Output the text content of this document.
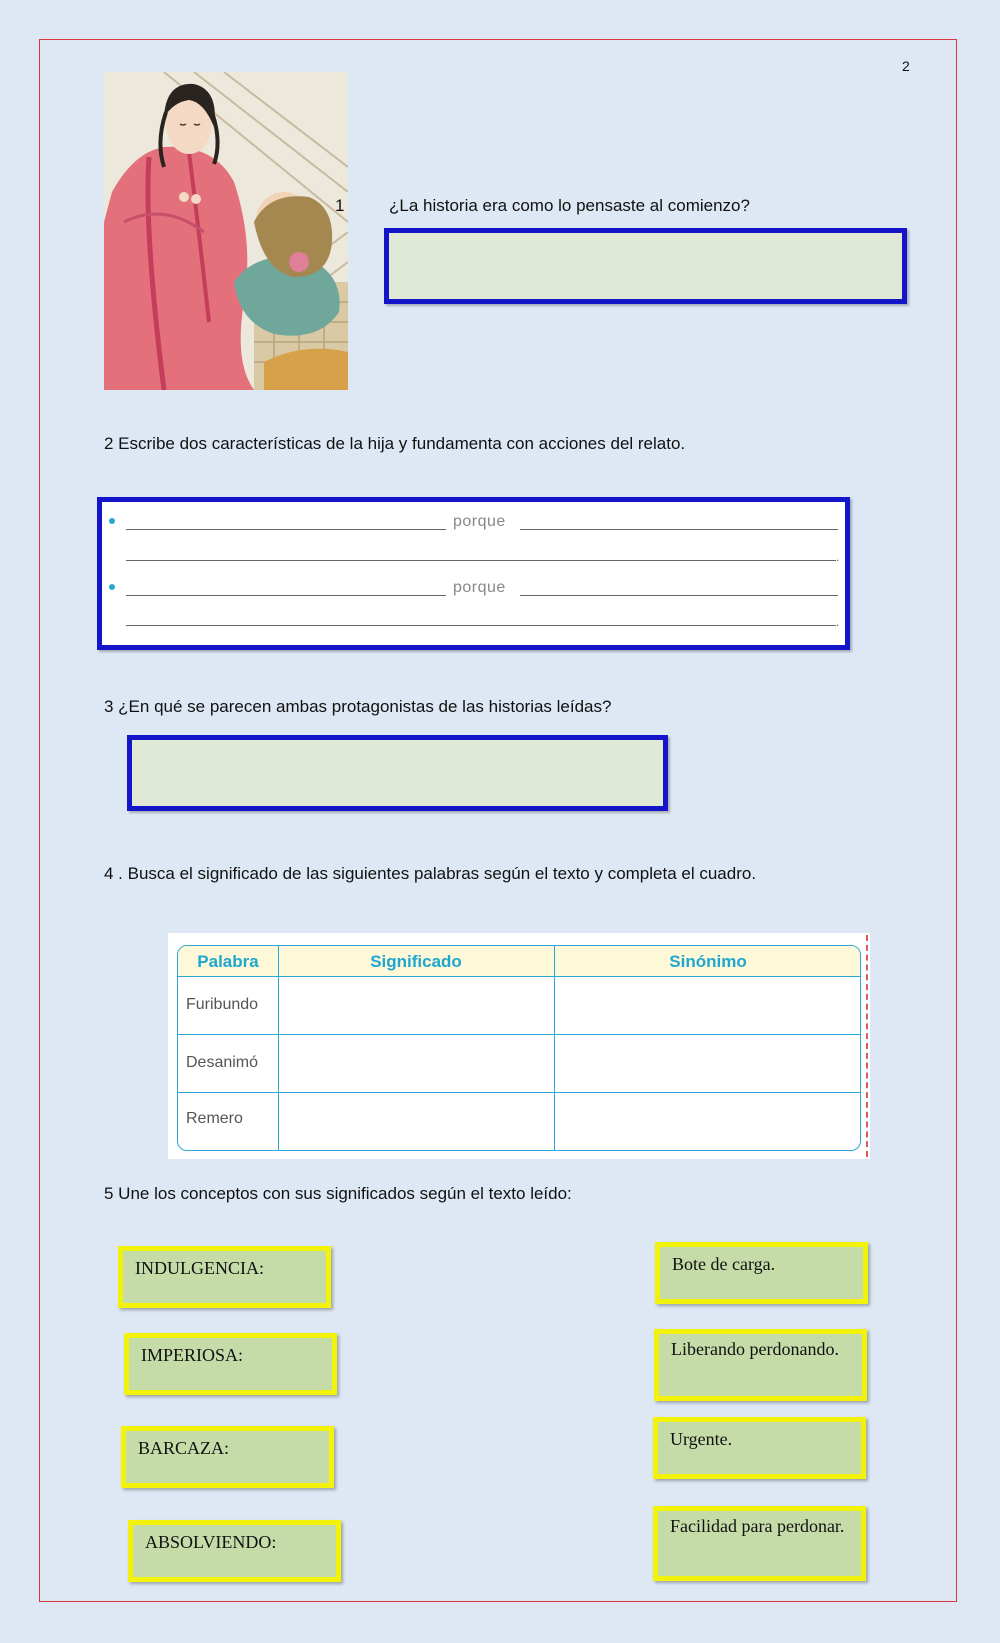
2
1	¿La historia era como lo pensaste al comienzo?
2 Escribe dos características de la hija y fundamenta con acciones del relato.
porque
.
porque
.
3 ¿En qué se parecen ambas protagonistas de las historias leídas?
4 . Busca el significado de las siguientes palabras según el texto y completa el cuadro.
Palabra	Significado	Sinónimo
Furibundo
Desanimó
Remero
5 Une los conceptos con sus significados según el texto leído:
INDULGENCIA:
IMPERIOSA:
BARCAZA:
ABSOLVIENDO:
Bote de carga.
Liberando perdonando.
Urgente.
Facilidad para perdonar.
